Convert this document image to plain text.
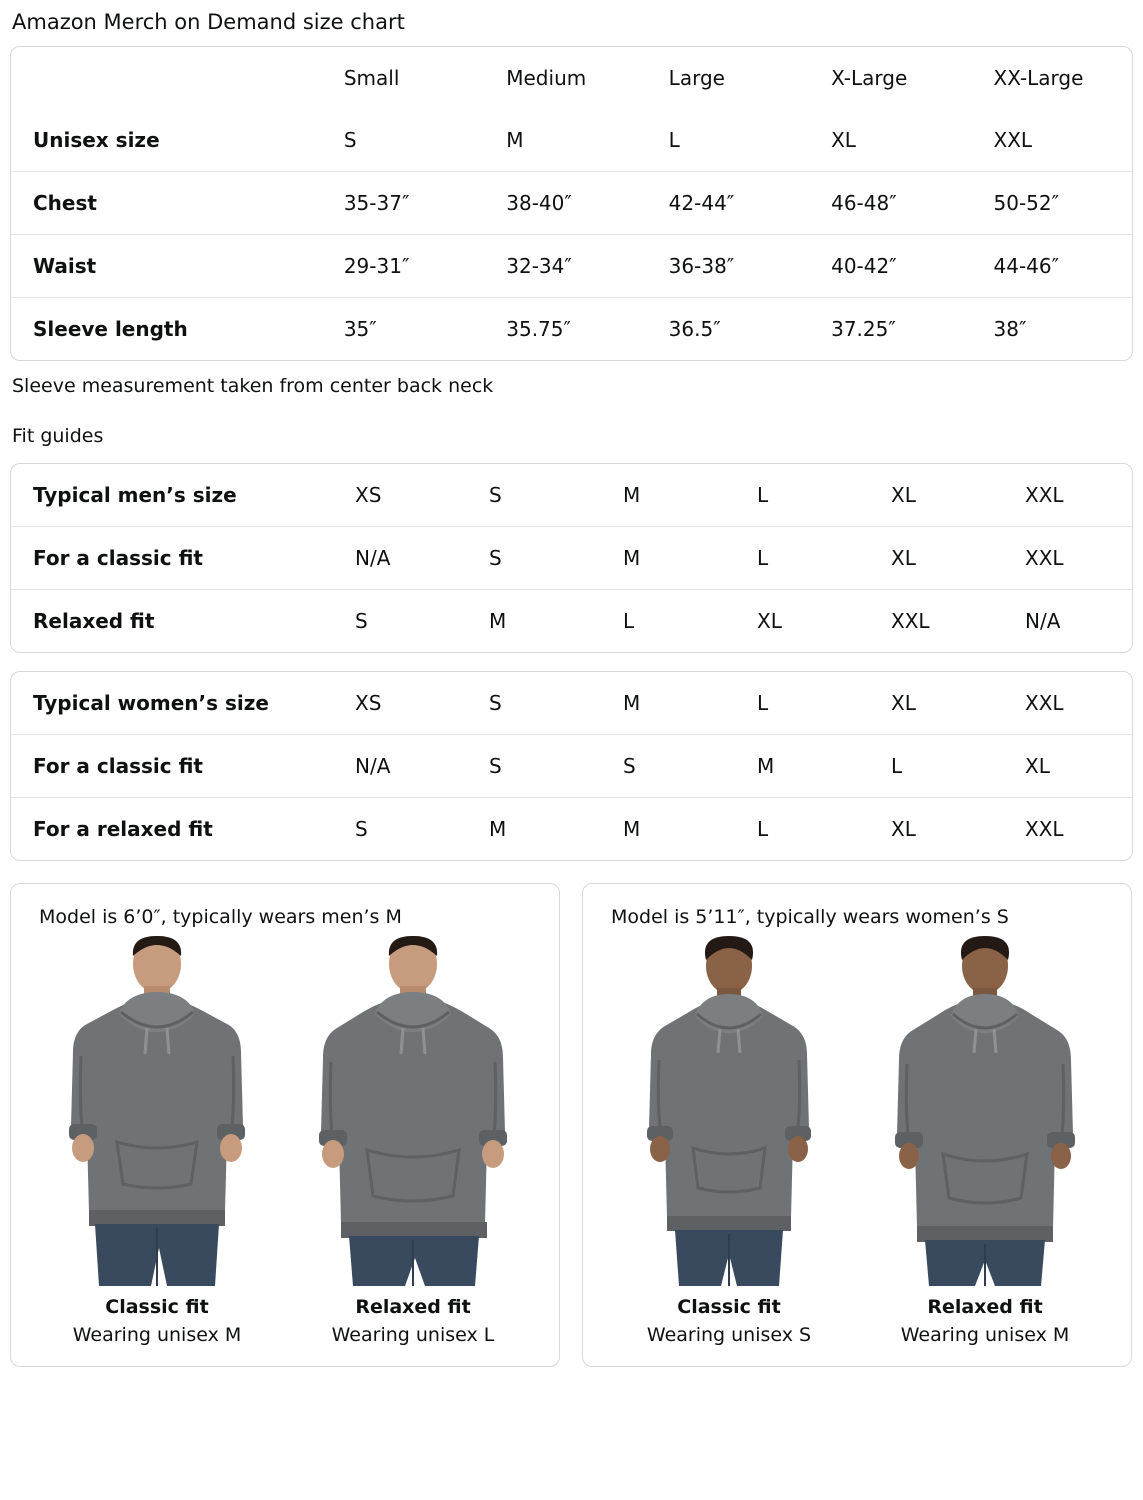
Amazon Merch on Demand size chart
	Small	Medium	Large	X-Large	XX-Large
Unisex size	S	M	L	XL	XXL
Chest	35-37″	38-40″	42-44″	46-48″	50-52″
Waist	29-31″	32-34″	36-38″	40-42″	44-46″
Sleeve length	35″	35.75″	36.5″	37.25″	38″
Sleeve measurement taken from center back neck
Fit guides
Typical men’s size	XS	S	M	L	XL	XXL
For a classic fit	N/A	S	M	L	XL	XXL
Relaxed fit	S	M	L	XL	XXL	N/A
Typical women’s size	XS	S	M	L	XL	XXL
For a classic fit	N/A	S	S	M	L	XL
For a relaxed fit	S	M	M	L	XL	XXL
Model is 6’0″, typically wears men’s M
Classic fit
Wearing unisex M
Relaxed fit
Wearing unisex L
Model is 5’11″, typically wears women’s S
Classic fit
Wearing unisex S
Relaxed fit
Wearing unisex M
